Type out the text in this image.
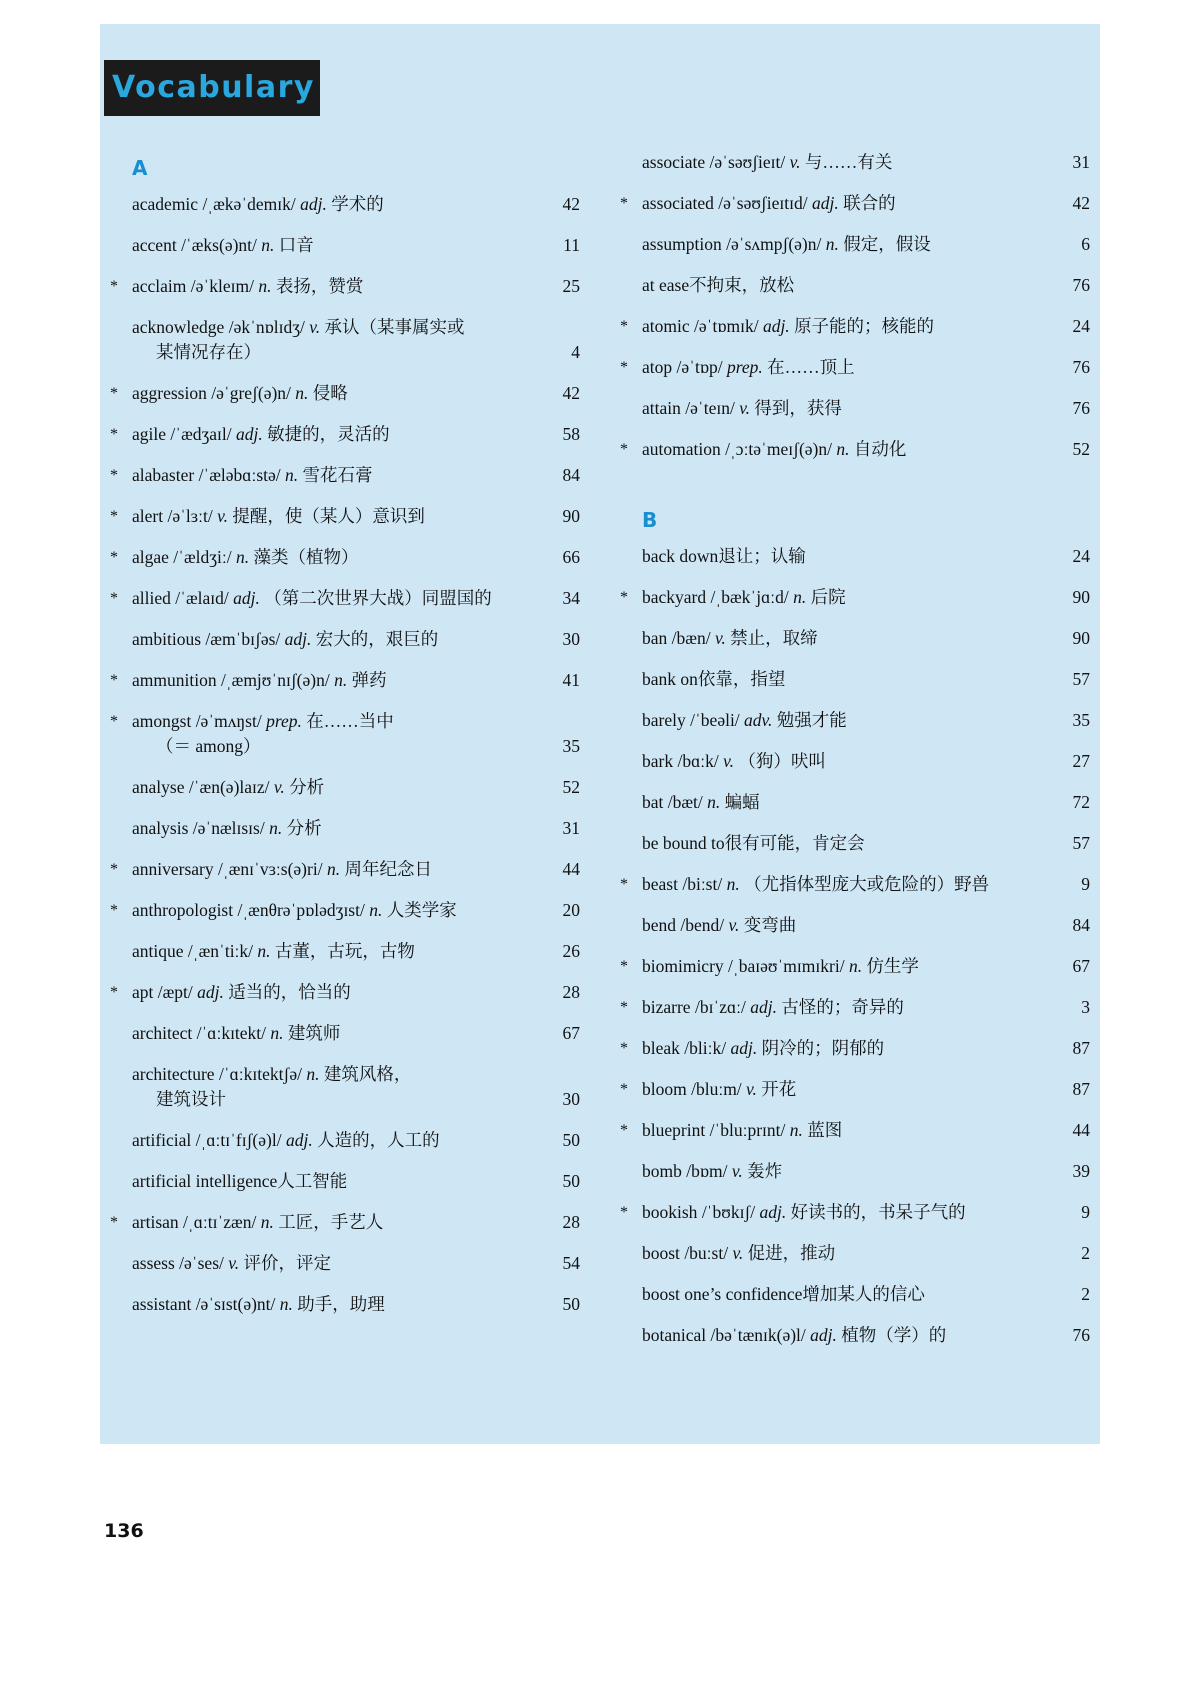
Vocabulary
A
academic /ˌækəˈdemɪk/ adj. 学术的	42
accent /ˈæks(ə)nt/ n. 口音	11
* acclaim /əˈkleɪm/ n. 表扬，赞赏	25
acknowledge /əkˈnɒlɪdʒ/ v. 承认（某事属实或
某情况存在）	4
* aggression /əˈgreʃ(ə)n/ n. 侵略	42
* agile /ˈædʒaɪl/ adj. 敏捷的，灵活的	58
* alabaster /ˈæləbɑːstə/ n. 雪花石膏	84
* alert /əˈlɜːt/ v. 提醒，使（某人）意识到	90
* algae /ˈældʒiː/ n. 藻类（植物）	66
* allied /ˈælaɪd/ adj. （第二次世界大战）同盟国的	34
ambitious /æmˈbɪʃəs/ adj. 宏大的，艰巨的	30
* ammunition /ˌæmjʊˈnɪʃ(ə)n/ n. 弹药	41
* amongst /əˈmʌŋst/ prep. 在……当中
（＝ among）	35
analyse /ˈæn(ə)laɪz/ v. 分析	52
analysis /əˈnælɪsɪs/ n. 分析	31
* anniversary /ˌænɪˈvɜːs(ə)ri/ n. 周年纪念日	44
* anthropologist /ˌænθrəˈpɒlədʒɪst/ n. 人类学家	20
antique /ˌænˈtiːk/ n. 古董，古玩，古物	26
* apt /æpt/ adj. 适当的，恰当的	28
architect /ˈɑːkɪtekt/ n. 建筑师	67
architecture /ˈɑːkɪtektʃə/ n. 建筑风格，
建筑设计	30
artificial /ˌɑːtɪˈfɪʃ(ə)l/ adj. 人造的，人工的	50
artificial intelligence人工智能	50
* artisan /ˌɑːtɪˈzæn/ n. 工匠，手艺人	28
assess /əˈses/ v. 评价，评定	54
assistant /əˈsɪst(ə)nt/ n. 助手，助理	50
associate /əˈsəʊʃieɪt/ v. 与……有关	31
* associated /əˈsəʊʃieɪtɪd/ adj. 联合的	42
assumption /əˈsʌmpʃ(ə)n/ n. 假定，假设	6
at ease不拘束，放松	76
* atomic /əˈtɒmɪk/ adj. 原子能的；核能的	24
* atop /əˈtɒp/ prep. 在……顶上	76
attain /əˈteɪn/ v. 得到，获得	76
* automation /ˌɔːtəˈmeɪʃ(ə)n/ n. 自动化	52
B
back down退让；认输	24
* backyard /ˌbækˈjɑːd/ n. 后院	90
ban /bæn/ v. 禁止，取缔	90
bank on依靠，指望	57
barely /ˈbeəli/ adv. 勉强才能	35
bark /bɑːk/ v. （狗）吠叫	27
bat /bæt/ n. 蝙蝠	72
be bound to很有可能，肯定会	57
* beast /biːst/ n. （尤指体型庞大或危险的）野兽	9
bend /bend/ v. 变弯曲	84
* biomimicry /ˌbaɪəʊˈmɪmɪkri/ n. 仿生学	67
* bizarre /bɪˈzɑː/ adj. 古怪的；奇异的	3
* bleak /bliːk/ adj. 阴冷的；阴郁的	87
* bloom /bluːm/ v. 开花	87
* blueprint /ˈbluːprɪnt/ n. 蓝图	44
bomb /bɒm/ v. 轰炸	39
* bookish /ˈbʊkɪʃ/ adj. 好读书的，书呆子气的	9
boost /buːst/ v. 促进，推动	2
boost one’s confidence增加某人的信心	2
botanical /bəˈtænɪk(ə)l/ adj. 植物（学）的	76
136
